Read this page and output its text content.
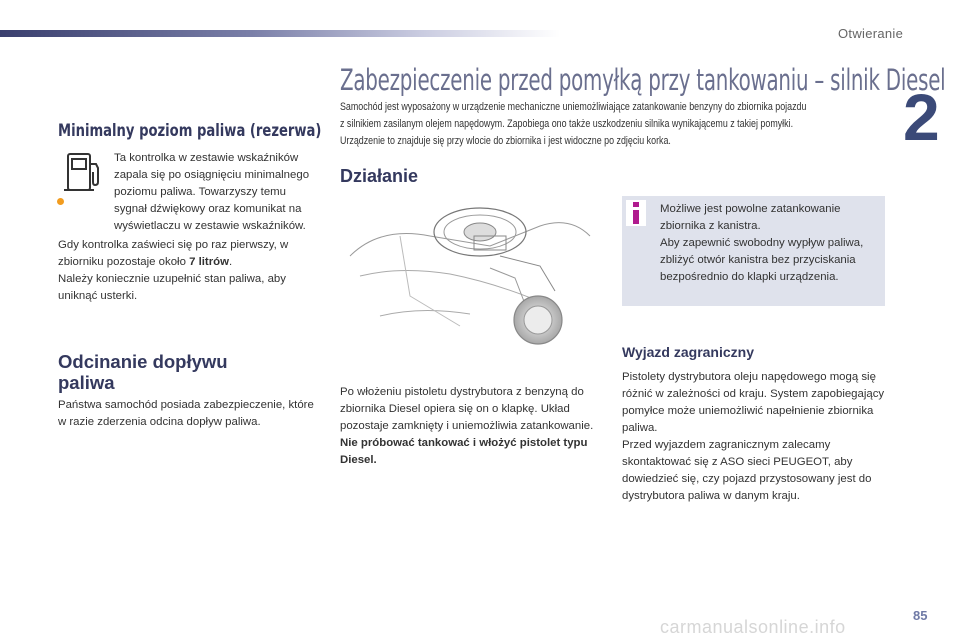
Otwieranie
2
Minimalny poziom paliwa (rezerwa)
Ta kontrolka w zestawie wskaźników zapala się po osiągnięciu minimalnego poziomu paliwa. Towarzyszy temu sygnał dźwiękowy oraz komunikat na wyświetlaczu w zestawie wskaźników.
Gdy kontrolka zaświeci się po raz pierwszy, w zbiorniku pozostaje około 7 litrów.
Należy koniecznie uzupełnić stan paliwa, aby uniknąć usterki.
Odcinanie dopływu paliwa
Państwa samochód posiada zabezpieczenie, które w razie zderzenia odcina dopływ paliwa.
Zabezpieczenie przed pomyłką przy tankowaniu – silnik Diesel
Samochód jest wyposażony w urządzenie mechaniczne uniemożliwiające zatankowanie benzyny do zbiornika pojazdu
z silnikiem zasilanym olejem napędowym. Zapobiega ono także uszkodzeniu silnika wynikającemu z takiej pomyłki.
Urządzenie to znajduje się przy wlocie do zbiornika i jest widoczne po zdjęciu korka.
Działanie
Po włożeniu pistoletu dystrybutora z benzyną do zbiornika Diesel opiera się on o klapkę. Układ pozostaje zamknięty i uniemożliwia zatankowanie.
Nie próbować tankować i włożyć pistolet typu Diesel.
Możliwe jest powolne zatankowanie zbiornika z kanistra.
Aby zapewnić swobodny wypływ paliwa, zbliżyć otwór kanistra bez przyciskania bezpośrednio do klapki urządzenia.
Wyjazd zagraniczny
Pistolety dystrybutora oleju napędowego mogą się różnić w zależności od kraju. System zapobiegający pomyłce może uniemożliwić napełnienie zbiornika paliwa.
Przed wyjazdem zagranicznym zalecamy skontaktować się z ASO sieci PEUGEOT, aby dowiedzieć się, czy pojazd przystosowany jest do dystrybutora paliwa w danym kraju.
85
carmanualsonline.info
